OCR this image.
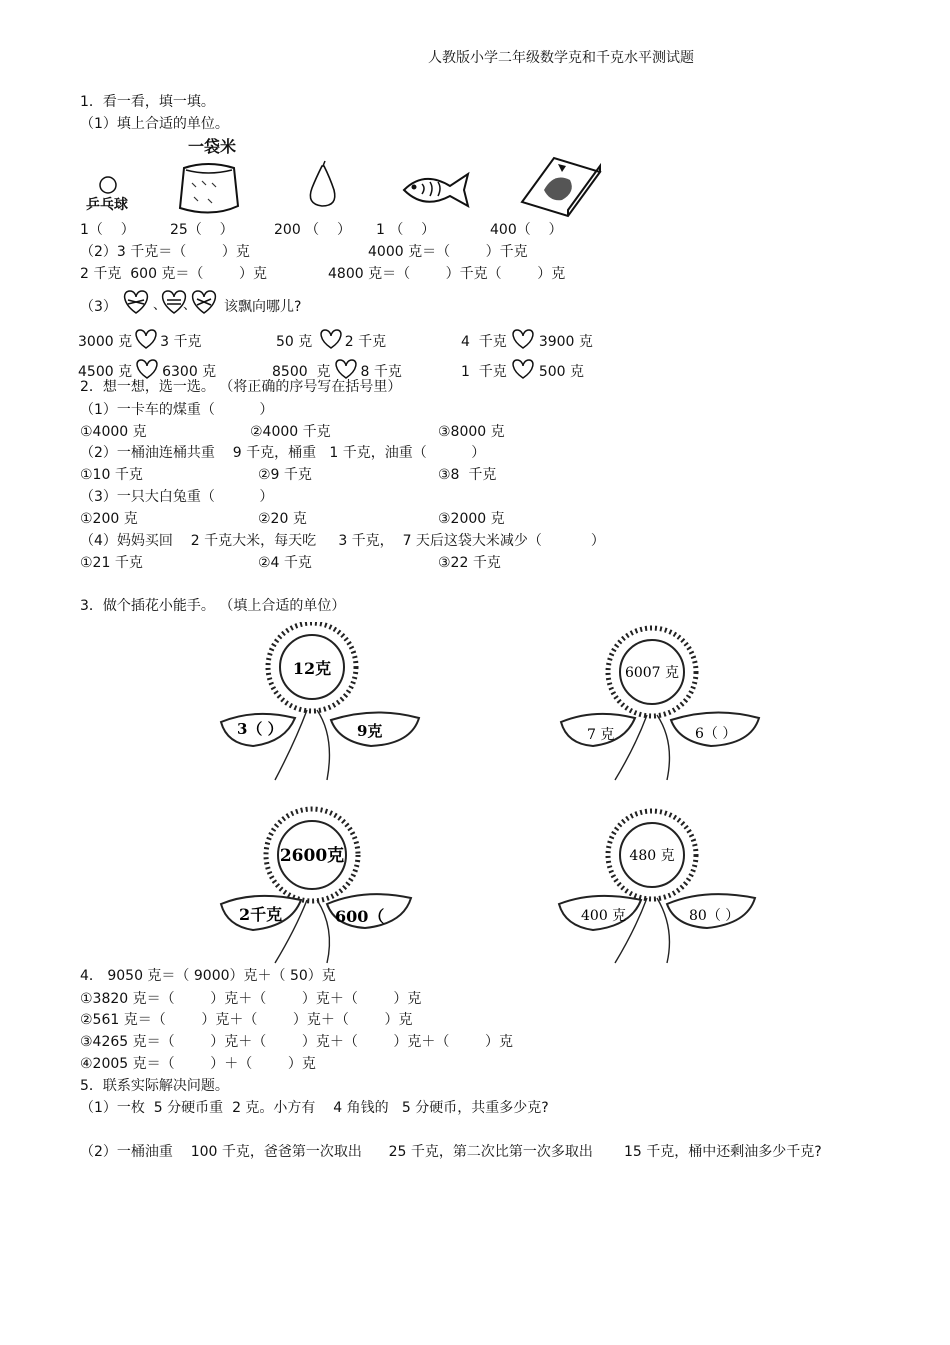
人教版小学二年级数学克和千克水平测试题
1．看一看，填一填。
（1）填上合适的单位。
乒乓球
一袋米
1（    ）	25（    ）	200 （    ） 1 （    ）	400（    ）
（2）3 千克＝（        ）克	4000 克＝（        ）千克
2 千克  600 克＝（        ）克	4800 克＝（        ）千克（        ）克
（3）	、 、 该飘向哪儿?
3000 克 3 千克	50 克 2 千克	4  千克 3900 克
4500 克 6300 克	8500  克 8 千克	1  千克 500 克
2．想一想，选一选。 （将正确的序号写在括号里）
（1）一卡车的煤重（          ）
①4000 克	②4000 千克	③8000 克
（2）一桶油连桶共重    9 千克，桶重   1 千克，油重（          ）
①10 千克	②9 千克	③8  千克
（3）一只大白兔重（          ）
①200 克	②20 克	③2000 克
（4）妈妈买回    2 千克大米，每天吃     3 千克，  7 天后这袋大米减少（           ）
①21 千克	②4 千克	③22 千克
3．做个插花小能手。 （填上合适的单位）
12克
3（ ）	9克
6007 克
7 克	6（ ）
2600克
2千克	600（
480 克
400 克	80（ ）
4． 9050 克＝（ 9000）克＋（ 50）克
①3820 克＝（        ）克＋（        ）克＋（        ）克
②561 克＝（        ）克＋（        ）克＋（        ）克
③4265 克＝（        ）克＋（        ）克＋（        ）克＋（        ）克
④2005 克＝（        ）＋（        ）克
5．联系实际解决问题。
（1）一枚  5 分硬币重  2 克。小方有    4 角钱的   5 分硬币，共重多少克?
（2）一桶油重    100 千克，爸爸第一次取出      25 千克，第二次比第一次多取出       15 千克，桶中还剩油多少千克?
